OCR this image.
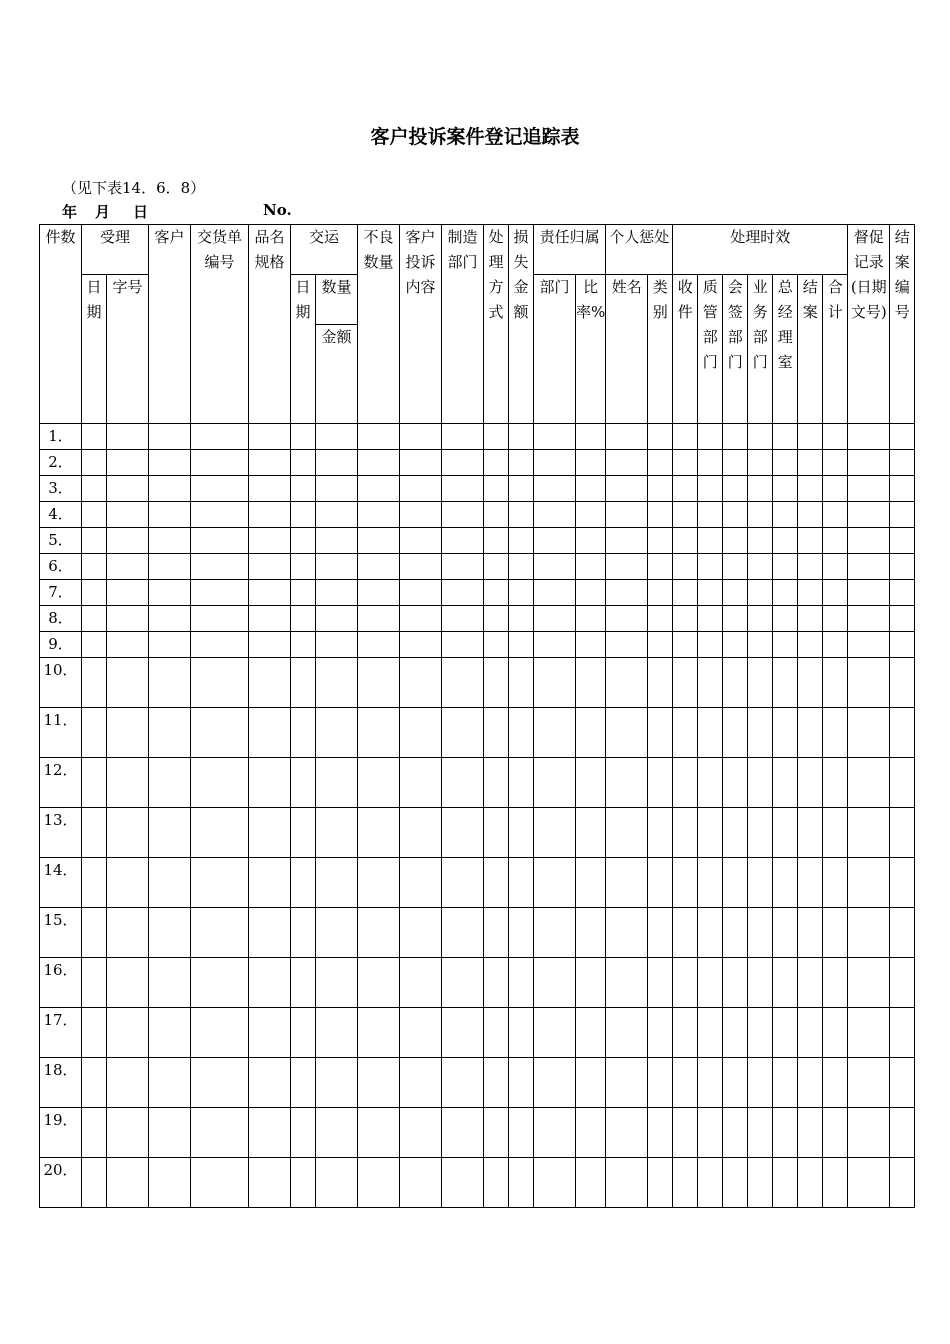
客户投诉案件登记追踪表
（见下表14．6．8）
年 月 日	No.
件数	受理		客户	交货单编号	品名规格	交运		不良数量	客户投诉内容	制造部门	处理方式	损失金额	责任归属		个人惩处		处理时效							督促记录(日期文号)	结案编号
	日期	字号				日期	数量						部门	比率%	姓名	类别	收件	质管部门	会签部门	业务部门	总经理室	结案	合计		
							金额																		
1．																									
2．																									
3．																									
4．																									
5．																									
6．																									
7．																									
8．																									
9．																									
10．																									
11．																									
12．																									
13．																									
14．																									
15．																									
16．																									
17．																									
18．																									
19．																									
20．																									
